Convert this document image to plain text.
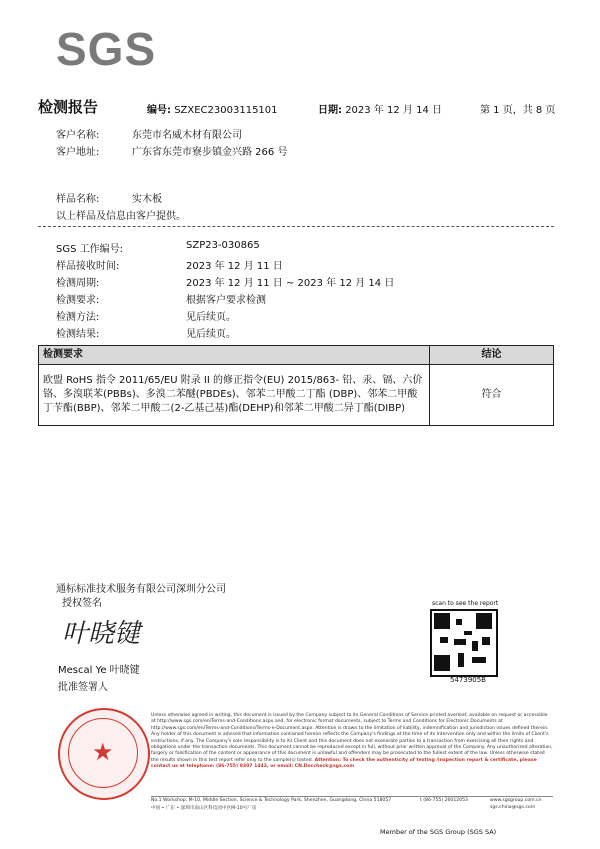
SGS
检测报告	编号: SZXEC23003115101	日期: 2023 年 12 月 14 日	第 1 页，共 8 页
客户名称:	东莞市名威木材有限公司
客户地址:	广东省东莞市寮步镇金兴路 266 号
样品名称:	实木板
以上样品及信息由客户提供。
SGS 工作编号:	SZP23-030865
样品接收时间:	2023 年 12 月 11 日
检测周期:	2023 年 12 月 11 日 ~ 2023 年 12 月 14 日
检测要求:	根据客户要求检测
检测方法:	见后续页。
检测结果:	见后续页。
检测要求	结论
欧盟 RoHS 指令 2011/65/EU 附录 II 的修正指令(EU) 2015/863- 铅、汞、镉、六价铬、多溴联苯(PBBs)、多溴二苯醚(PBDEs)、邻苯二甲酸二丁酯 (DBP)、邻苯二甲酸丁苄酯(BBP)、邻苯二甲酸二(2-乙基己基)酯(DEHP)和邻苯二甲酸二异丁酯(DIBP)	符合
通标标准技术服务有限公司深圳分公司
授权签名
叶晓键
Mescal Ye 叶晓键
批准签署人
scan to see the report
5473905B
★
Unless otherwise agreed in writing, this document is issued by the Company subject to its General Conditions of Service printed overleaf, available on request or accessible at http://www.sgs.com/en/Terms-and-Conditions.aspx and, for electronic format documents, subject to Terms and Conditions for Electronic Documents at http://www.sgs.com/en/Terms-and-Conditions/Terms-e-Document.aspx. Attention is drawn to the limitation of liability, indemnification and jurisdiction issues defined therein. Any holder of this document is advised that information contained hereon reflects the Company's findings at the time of its intervention only and within the limits of Client's instructions, if any. The Company's sole responsibility is to its Client and this document does not exonerate parties to a transaction from exercising all their rights and obligations under the transaction documents. This document cannot be reproduced except in full, without prior written approval of the Company. Any unauthorized alteration, forgery or falsification of the content or appearance of this document is unlawful and offenders may be prosecuted to the fullest extent of the law. Unless otherwise stated the results shown in this test report refer only to the sample(s) tested. Attention: To check the authenticity of testing /inspection report & certificate, please contact us at telephone: (86-755) 8307 1443, or email: CN.Doccheck@sgs.com
No.1 Workshop, M-10, Middle Section, Science & Technology Park, Shenzhen, Guangdong, China 518057
中国 • 广东 • 深圳市南山区科技园中区M-10号厂房
t (86-755) 26012053	www.sgsgroup.com.cn
sgs.china@sgs.com
Member of the SGS Group (SGS SA)
